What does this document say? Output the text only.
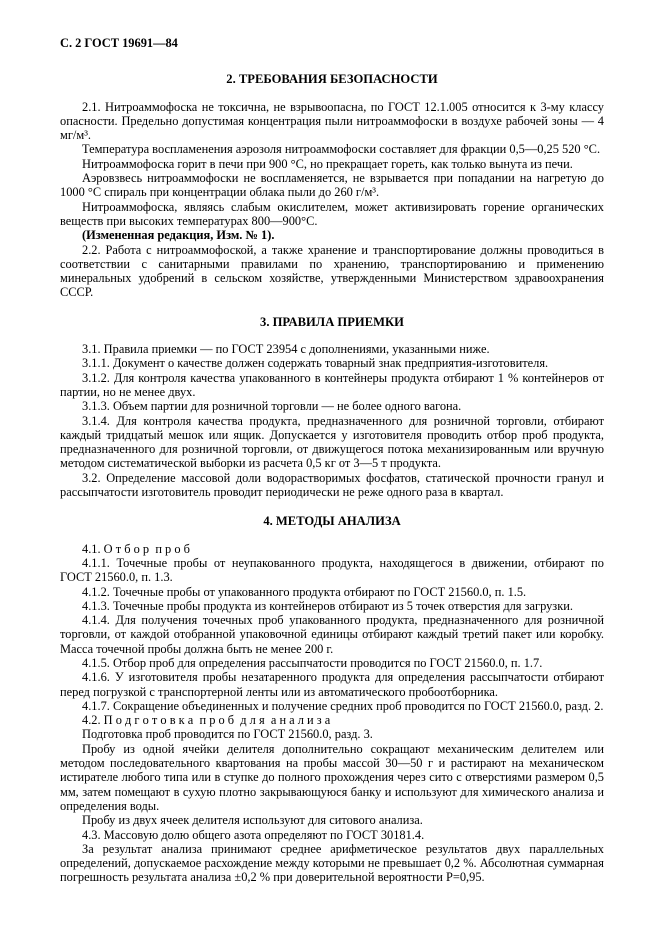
С. 2 ГОСТ 19691—84
2. ТРЕБОВАНИЯ БЕЗОПАСНОСТИ

2.1. Нитроаммофоска не токсична, не взрывоопасна, по ГОСТ 12.1.005 относится к 3-му классу опасности. Предельно допустимая концентрация пыли нитроаммофоски в воздухе рабочей зоны — 4 мг/м³.

Температура воспламенения аэрозоля нитроаммофоски составляет для фракции 0,5—0,25 520 °С.

Нитроаммофоска горит в печи при 900 °С, но прекращает гореть, как только вынута из печи.

Аэровзвесь нитроаммофоски не воспламеняется, не взрывается при попадании на нагретую до 1000 °С спираль при концентрации облака пыли до 260 г/м³.

Нитроаммофоска, являясь слабым окислителем, может активизировать горение органических веществ при высоких температурах 800—900°С.

(Измененная редакция, Изм. № 1).

2.2. Работа с нитроаммофоской, а также хранение и транспортирование должны проводиться в соответствии с санитарными правилами по хранению, транспортированию и применению минеральных удобрений в сельском хозяйстве, утвержденными Министерством здравоохранения СССР.

3. ПРАВИЛА ПРИЕМКИ

3.1. Правила приемки — по ГОСТ 23954 с дополнениями, указанными ниже.

3.1.1. Документ о качестве должен содержать товарный знак предприятия-изготовителя.

3.1.2. Для контроля качества упакованного в контейнеры продукта отбирают 1 % контейнеров от партии, но не менее двух.

3.1.3. Объем партии для розничной торговли — не более одного вагона.

3.1.4. Для контроля качества продукта, предназначенного для розничной торговли, отбирают каждый тридцатый мешок или ящик. Допускается у изготовителя проводить отбор проб продукта, предназначенного для розничной торговли, от движущегося потока механизированным или вручную методом систематической выборки из расчета 0,5 кг от 3—5 т продукта.

3.2. Определение массовой доли водорастворимых фосфатов, статической прочности гранул и рассыпчатости изготовитель проводит периодически не реже одного раза в квартал.

4. МЕТОДЫ АНАЛИЗА

4.1. О т б о р  п р о б

4.1.1. Точечные пробы от неупакованного продукта, находящегося в движении, отбирают по ГОСТ 21560.0, п. 1.3.

4.1.2. Точечные пробы от упакованного продукта отбирают по ГОСТ 21560.0, п. 1.5.

4.1.3. Точечные пробы продукта из контейнеров отбирают из 5 точек отверстия для загрузки.

4.1.4. Для получения точечных проб упакованного продукта, предназначенного для розничной торговли, от каждой отобранной упаковочной единицы отбирают каждый третий пакет или коробку. Масса точечной пробы должна быть не менее 200 г.

4.1.5. Отбор проб для определения рассыпчатости проводится по ГОСТ 21560.0, п. 1.7.

4.1.6. У изготовителя пробы незатаренного продукта для определения рассыпчатости отбирают перед погрузкой с транспортерной ленты или из автоматического пробоотборника.

4.1.7. Сокращение объединенных и получение средних проб проводится по ГОСТ 21560.0, разд. 2.

4.2. П о д г о т о в к а  п р о б  д л я  а н а л и з а

Подготовка проб проводится по ГОСТ 21560.0, разд. 3.

Пробу из одной ячейки делителя дополнительно сокращают механическим делителем или методом последовательного квартования на пробы массой 30—50 г и растирают на механическом истирателе любого типа или в ступке до полного прохождения через сито с отверстиями размером 0,5 мм, затем помещают в сухую плотно закрывающуюся банку и используют для химического анализа и определения воды.

Пробу из двух ячеек делителя используют для ситового анализа.

4.3. Массовую долю общего азота определяют по ГОСТ 30181.4.

За результат анализа принимают среднее арифметическое результатов двух параллельных определений, допускаемое расхождение между которыми не превышает 0,2 %. Абсолютная суммарная погрешность результата анализа ±0,2 % при доверительной вероятности Р=0,95.
